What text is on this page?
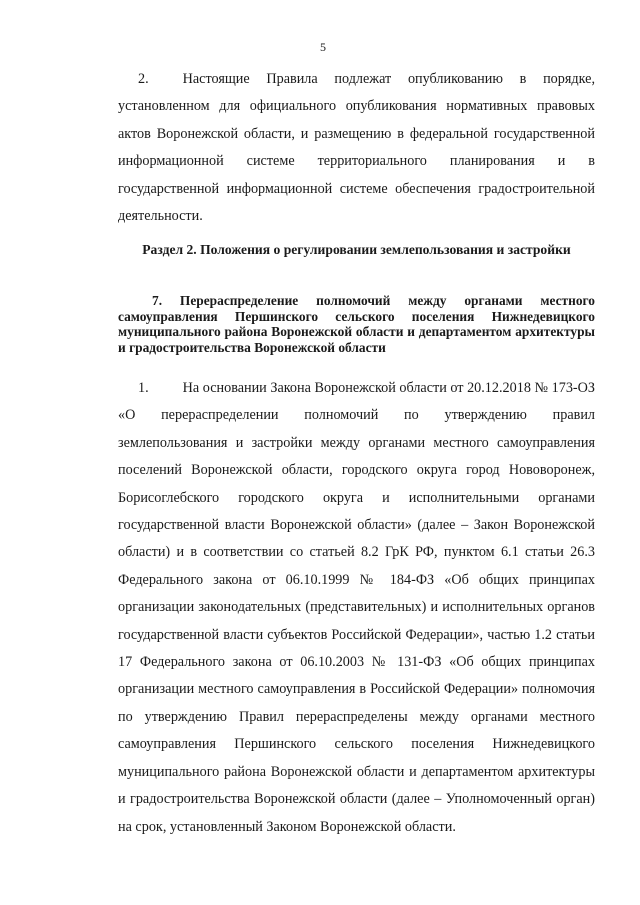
5

2. Настоящие Правила подлежат опубликованию в порядке, установленном для официального опубликования нормативных правовых актов Воронежской области, и размещению в федеральной государственной информационной системе территориального планирования и в государственной информационной системе обеспечения градостроительной деятельности.

Раздел 2. Положения о регулировании землепользования и застройки

7. Перераспределение полномочий между органами местного самоуправления Першинского сельского поселения Нижнедевицкого муниципального района Воронежской области и департаментом архитектуры и градостроительства Воронежской области

1. На основании Закона Воронежской области от 20.12.2018 № 173-ОЗ «О перераспределении полномочий по утверждению правил землепользования и застройки между органами местного самоуправления поселений Воронежской области, городского округа город Нововоронеж, Борисоглебского городского округа и исполнительными органами государственной власти Воронежской области» (далее – Закон Воронежской области) и в соответствии со статьей 8.2 ГрК РФ, пунктом 6.1 статьи 26.3 Федерального закона от 06.10.1999 № 184-ФЗ «Об общих принципах организации законодательных (представительных) и исполнительных органов государственной власти субъектов Российской Федерации», частью 1.2 статьи 17 Федерального закона от 06.10.2003 № 131-ФЗ «Об общих принципах организации местного самоуправления в Российской Федерации» полномочия по утверждению Правил перераспределены между органами местного самоуправления Першинского сельского поселения Нижнедевицкого муниципального района Воронежской области и департаментом архитектуры и градостроительства Воронежской области (далее – Уполномоченный орган) на срок, установленный Законом Воронежской области.
